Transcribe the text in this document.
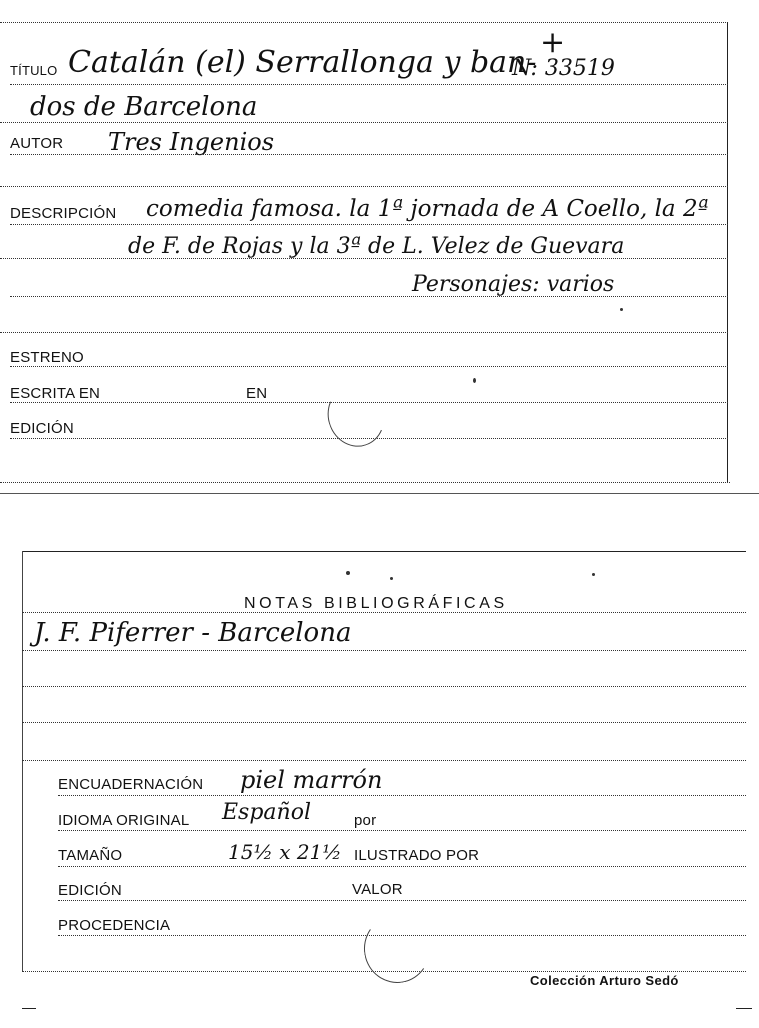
+
TÍTULO Catalán (el) Serrallonga y ban-
N: 33519
dos de Barcelona
AUTOR Tres Ingenios
DESCRIPCIÓN comedia famosa. la 1ª jornada de A Coello, la 2ª
de F. de Rojas y la 3ª de L. Velez de Guevara
Personajes: varios
ESTRENO
ESCRITA EN	EN
EDICIÓN
NOTAS BIBLIOGRÁFICAS
J. F. Piferrer - Barcelona
ENCUADERNACIÓN piel marrón
IDIOMA ORIGINAL Español	por
TAMAÑO	15½ x 21½ ILUSTRADO POR
EDICIÓN	VALOR
PROCEDENCIA
Colección Arturo Sedó
